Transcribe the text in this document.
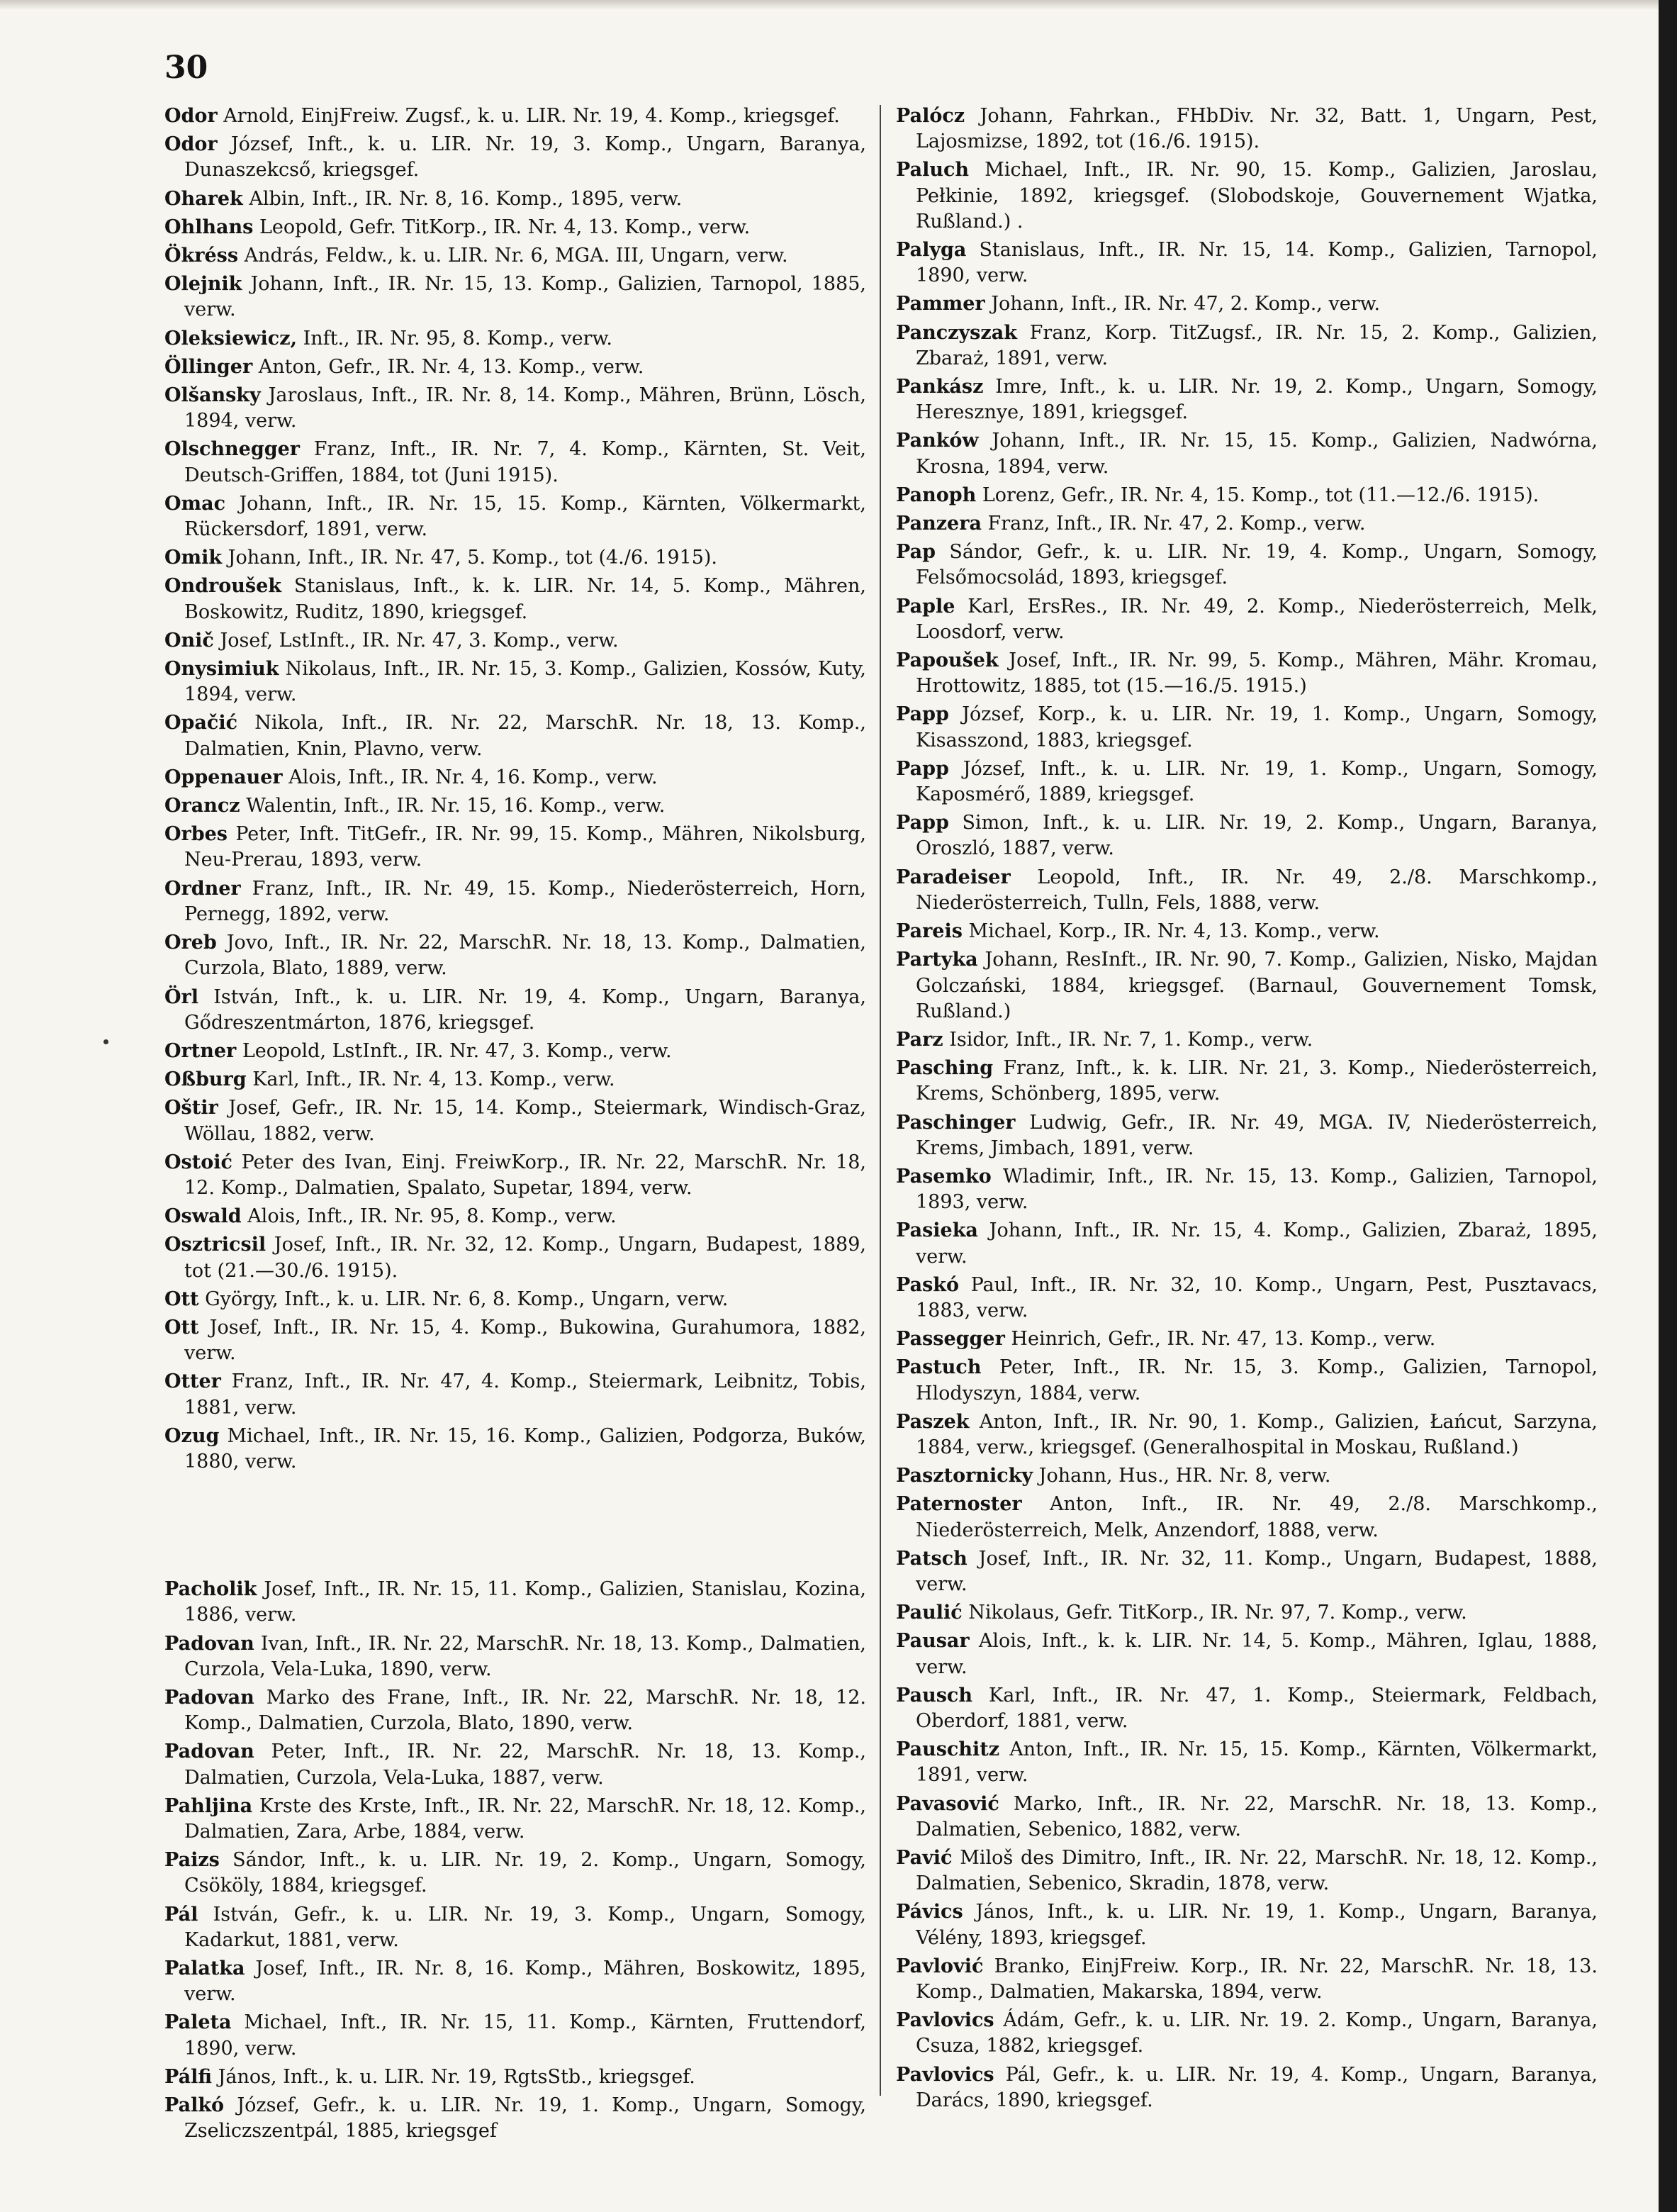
30

Odor Arnold, EinjFreiw. Zugsf., k. u. LIR. Nr. 19, 4. Komp., kriegsgef.

Odor József, Inft., k. u. LIR. Nr. 19, 3. Komp., Ungarn, Baranya, Dunaszekcső, kriegsgef.

Oharek Albin, Inft., IR. Nr. 8, 16. Komp., 1895, verw.

Ohlhans Leopold, Gefr. TitKorp., IR. Nr. 4, 13. Komp., verw.

Ökréss András, Feldw., k. u. LIR. Nr. 6, MGA. III, Ungarn, verw.

Olejnik Johann, Inft., IR. Nr. 15, 13. Komp., Galizien, Tarnopol, 1885, verw.

Oleksiewicz, Inft., IR. Nr. 95, 8. Komp., verw.

Öllinger Anton, Gefr., IR. Nr. 4, 13. Komp., verw.

Olšansky Jaroslaus, Inft., IR. Nr. 8, 14. Komp., Mähren, Brünn, Lösch, 1894, verw.

Olschnegger Franz, Inft., IR. Nr. 7, 4. Komp., Kärnten, St. Veit, Deutsch-Griffen, 1884, tot (Juni 1915).

Omac Johann, Inft., IR. Nr. 15, 15. Komp., Kärnten, Völkermarkt, Rückersdorf, 1891, verw.

Omik Johann, Inft., IR. Nr. 47, 5. Komp., tot (4./6. 1915).

Ondroušek Stanislaus, Inft., k. k. LIR. Nr. 14, 5. Komp., Mähren, Boskowitz, Ruditz, 1890, kriegsgef.

Onič Josef, LstInft., IR. Nr. 47, 3. Komp., verw.

Onysimiuk Nikolaus, Inft., IR. Nr. 15, 3. Komp., Galizien, Kossów, Kuty, 1894, verw.

Opačić Nikola, Inft., IR. Nr. 22, MarschR. Nr. 18, 13. Komp., Dalmatien, Knin, Plavno, verw.

Oppenauer Alois, Inft., IR. Nr. 4, 16. Komp., verw.

Orancz Walentin, Inft., IR. Nr. 15, 16. Komp., verw.

Orbes Peter, Inft. TitGefr., IR. Nr. 99, 15. Komp., Mähren, Nikolsburg, Neu-Prerau, 1893, verw.

Ordner Franz, Inft., IR. Nr. 49, 15. Komp., Niederösterreich, Horn, Pernegg, 1892, verw.

Oreb Jovo, Inft., IR. Nr. 22, MarschR. Nr. 18, 13. Komp., Dalmatien, Curzola, Blato, 1889, verw.

Örl István, Inft., k. u. LIR. Nr. 19, 4. Komp., Ungarn, Baranya, Gődreszentmárton, 1876, kriegsgef.

Ortner Leopold, LstInft., IR. Nr. 47, 3. Komp., verw.

Oßburg Karl, Inft., IR. Nr. 4, 13. Komp., verw.

Oštir Josef, Gefr., IR. Nr. 15, 14. Komp., Steiermark, Windisch-Graz, Wöllau, 1882, verw.

Ostoić Peter des Ivan, Einj. FreiwKorp., IR. Nr. 22, MarschR. Nr. 18, 12. Komp., Dalmatien, Spalato, Supetar, 1894, verw.

Oswald Alois, Inft., IR. Nr. 95, 8. Komp., verw.

Osztricsil Josef, Inft., IR. Nr. 32, 12. Komp., Ungarn, Budapest, 1889, tot (21.—30./6. 1915).

Ott György, Inft., k. u. LIR. Nr. 6, 8. Komp., Ungarn, verw.

Ott Josef, Inft., IR. Nr. 15, 4. Komp., Bukowina, Gurahumora, 1882, verw.

Otter Franz, Inft., IR. Nr. 47, 4. Komp., Steiermark, Leibnitz, Tobis, 1881, verw.

Ozug Michael, Inft., IR. Nr. 15, 16. Komp., Galizien, Podgorza, Buków, 1880, verw.

Pacholik Josef, Inft., IR. Nr. 15, 11. Komp., Galizien, Stanislau, Kozina, 1886, verw.

Padovan Ivan, Inft., IR. Nr. 22, MarschR. Nr. 18, 13. Komp., Dalmatien, Curzola, Vela-Luka, 1890, verw.

Padovan Marko des Frane, Inft., IR. Nr. 22, MarschR. Nr. 18, 12. Komp., Dalmatien, Curzola, Blato, 1890, verw.

Padovan Peter, Inft., IR. Nr. 22, MarschR. Nr. 18, 13. Komp., Dalmatien, Curzola, Vela-Luka, 1887, verw.

Pahljina Krste des Krste, Inft., IR. Nr. 22, MarschR. Nr. 18, 12. Komp., Dalmatien, Zara, Arbe, 1884, verw.

Paizs Sándor, Inft., k. u. LIR. Nr. 19, 2. Komp., Ungarn, Somogy, Csököly, 1884, kriegsgef.

Pál István, Gefr., k. u. LIR. Nr. 19, 3. Komp., Ungarn, Somogy, Kadarkut, 1881, verw.

Palatka Josef, Inft., IR. Nr. 8, 16. Komp., Mähren, Boskowitz, 1895, verw.

Paleta Michael, Inft., IR. Nr. 15, 11. Komp., Kärnten, Fruttendorf, 1890, verw.

Pálfi János, Inft., k. u. LIR. Nr. 19, RgtsStb., kriegsgef.

Palkó József, Gefr., k. u. LIR. Nr. 19, 1. Komp., Ungarn, Somogy, Zseliczszentpál, 1885, kriegsgef

Palócz Johann, Fahrkan., FHbDiv. Nr. 32, Batt. 1, Ungarn, Pest, Lajosmizse, 1892, tot (16./6. 1915).

Paluch Michael, Inft., IR. Nr. 90, 15. Komp., Galizien, Jaroslau, Pełkinie, 1892, kriegsgef. (Slobodskoje, Gouvernement Wjatka, Rußland.) .

Palyga Stanislaus, Inft., IR. Nr. 15, 14. Komp., Galizien, Tarnopol, 1890, verw.

Pammer Johann, Inft., IR. Nr. 47, 2. Komp., verw.

Panczyszak Franz, Korp. TitZugsf., IR. Nr. 15, 2. Komp., Galizien, Zbaraż, 1891, verw.

Pankász Imre, Inft., k. u. LIR. Nr. 19, 2. Komp., Ungarn, Somogy, Heresznye, 1891, kriegsgef.

Panków Johann, Inft., IR. Nr. 15, 15. Komp., Galizien, Nadwórna, Krosna, 1894, verw.

Panoph Lorenz, Gefr., IR. Nr. 4, 15. Komp., tot (11.—12./6. 1915).

Panzera Franz, Inft., IR. Nr. 47, 2. Komp., verw.

Pap Sándor, Gefr., k. u. LIR. Nr. 19, 4. Komp., Ungarn, Somogy, Felsőmocsolád, 1893, kriegsgef.

Paple Karl, ErsRes., IR. Nr. 49, 2. Komp., Niederösterreich, Melk, Loosdorf, verw.

Papoušek Josef, Inft., IR. Nr. 99, 5. Komp., Mähren, Mähr. Kromau, Hrottowitz, 1885, tot (15.—16./5. 1915.)

Papp József, Korp., k. u. LIR. Nr. 19, 1. Komp., Ungarn, Somogy, Kisasszond, 1883, kriegsgef.

Papp József, Inft., k. u. LIR. Nr. 19, 1. Komp., Ungarn, Somogy, Kaposmérő, 1889, kriegsgef.

Papp Simon, Inft., k. u. LIR. Nr. 19, 2. Komp., Ungarn, Baranya, Oroszló, 1887, verw.

Paradeiser Leopold, Inft., IR. Nr. 49, 2./8. Marschkomp., Niederösterreich, Tulln, Fels, 1888, verw.

Pareis Michael, Korp., IR. Nr. 4, 13. Komp., verw.

Partyka Johann, ResInft., IR. Nr. 90, 7. Komp., Galizien, Nisko, Majdan Golczański, 1884, kriegsgef. (Barnaul, Gouvernement Tomsk, Rußland.)

Parz Isidor, Inft., IR. Nr. 7, 1. Komp., verw.

Pasching Franz, Inft., k. k. LIR. Nr. 21, 3. Komp., Niederösterreich, Krems, Schönberg, 1895, verw.

Paschinger Ludwig, Gefr., IR. Nr. 49, MGA. IV, Niederösterreich, Krems, Jimbach, 1891, verw.

Pasemko Wladimir, Inft., IR. Nr. 15, 13. Komp., Galizien, Tarnopol, 1893, verw.

Pasieka Johann, Inft., IR. Nr. 15, 4. Komp., Galizien, Zbaraż, 1895, verw.

Paskó Paul, Inft., IR. Nr. 32, 10. Komp., Ungarn, Pest, Pusztavacs, 1883, verw.

Passegger Heinrich, Gefr., IR. Nr. 47, 13. Komp., verw.

Pastuch Peter, Inft., IR. Nr. 15, 3. Komp., Galizien, Tarnopol, Hlodyszyn, 1884, verw.

Paszek Anton, Inft., IR. Nr. 90, 1. Komp., Galizien, Łańcut, Sarzyna, 1884, verw., kriegsgef. (Generalhospital in Moskau, Rußland.)

Pasztornicky Johann, Hus., HR. Nr. 8, verw.

Paternoster Anton, Inft., IR. Nr. 49, 2./8. Marschkomp., Niederösterreich, Melk, Anzendorf, 1888, verw.

Patsch Josef, Inft., IR. Nr. 32, 11. Komp., Ungarn, Budapest, 1888, verw.

Paulić Nikolaus, Gefr. TitKorp., IR. Nr. 97, 7. Komp., verw.

Pausar Alois, Inft., k. k. LIR. Nr. 14, 5. Komp., Mähren, Iglau, 1888, verw.

Pausch Karl, Inft., IR. Nr. 47, 1. Komp., Steiermark, Feldbach, Oberdorf, 1881, verw.

Pauschitz Anton, Inft., IR. Nr. 15, 15. Komp., Kärnten, Völkermarkt, 1891, verw.

Pavasović Marko, Inft., IR. Nr. 22, MarschR. Nr. 18, 13. Komp., Dalmatien, Sebenico, 1882, verw.

Pavić Miloš des Dimitro, Inft., IR. Nr. 22, MarschR. Nr. 18, 12. Komp., Dalmatien, Sebenico, Skradin, 1878, verw.

Pávics János, Inft., k. u. LIR. Nr. 19, 1. Komp., Ungarn, Baranya, Vélény, 1893, kriegsgef.

Pavlović Branko, EinjFreiw. Korp., IR. Nr. 22, MarschR. Nr. 18, 13. Komp., Dalmatien, Makarska, 1894, verw.

Pavlovics Ádám, Gefr., k. u. LIR. Nr. 19. 2. Komp., Ungarn, Baranya, Csuza, 1882, kriegsgef.

Pavlovics Pál, Gefr., k. u. LIR. Nr. 19, 4. Komp., Ungarn, Baranya, Darács, 1890, kriegsgef.
